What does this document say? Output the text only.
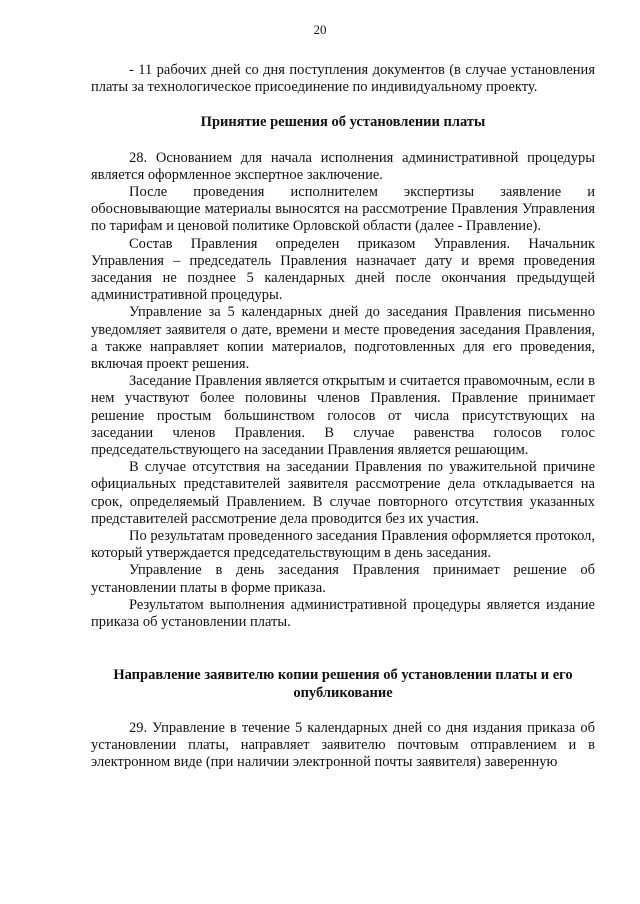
20

- 11 рабочих дней со дня поступления документов (в случае установления платы за технологическое присоединение по индивидуальному проекту.

Принятие решения об установлении платы

28. Основанием для начала исполнения административной процедуры является оформленное экспертное заключение.

После проведения исполнителем экспертизы заявление и обосновывающие материалы выносятся на рассмотрение Правления Управления по тарифам и ценовой политике Орловской области (далее - Правление).

Состав Правления определен приказом Управления. Начальник Управления – председатель Правления назначает дату и время проведения заседания не позднее 5 календарных дней после окончания предыдущей административной процедуры.

Управление за 5 календарных дней до заседания Правления письменно уведомляет заявителя о дате, времени и месте проведения заседания Правления, а также направляет копии материалов, подготовленных для его проведения, включая проект решения.

Заседание Правления является открытым и считается правомочным, если в нем участвуют более половины членов Правления. Правление принимает решение простым большинством голосов от числа присутствующих на заседании членов Правления. В случае равенства голосов голос председательствующего на заседании Правления является решающим.

В случае отсутствия на заседании Правления по уважительной причине официальных представителей заявителя рассмотрение дела откладывается на срок, определяемый Правлением. В случае повторного отсутствия указанных представителей рассмотрение дела проводится без их участия.

По результатам проведенного заседания Правления оформляется протокол, который утверждается председательствующим в день заседания.

Управление в день заседания Правления принимает решение об установлении платы в форме приказа.

Результатом выполнения административной процедуры является издание приказа об установлении платы.

Направление заявителю копии решения об установлении платы и его опубликование

29. Управление в течение 5 календарных дней со дня издания приказа об установлении платы, направляет заявителю почтовым отправлением и в электронном виде (при наличии электронной почты заявителя) заверенную
